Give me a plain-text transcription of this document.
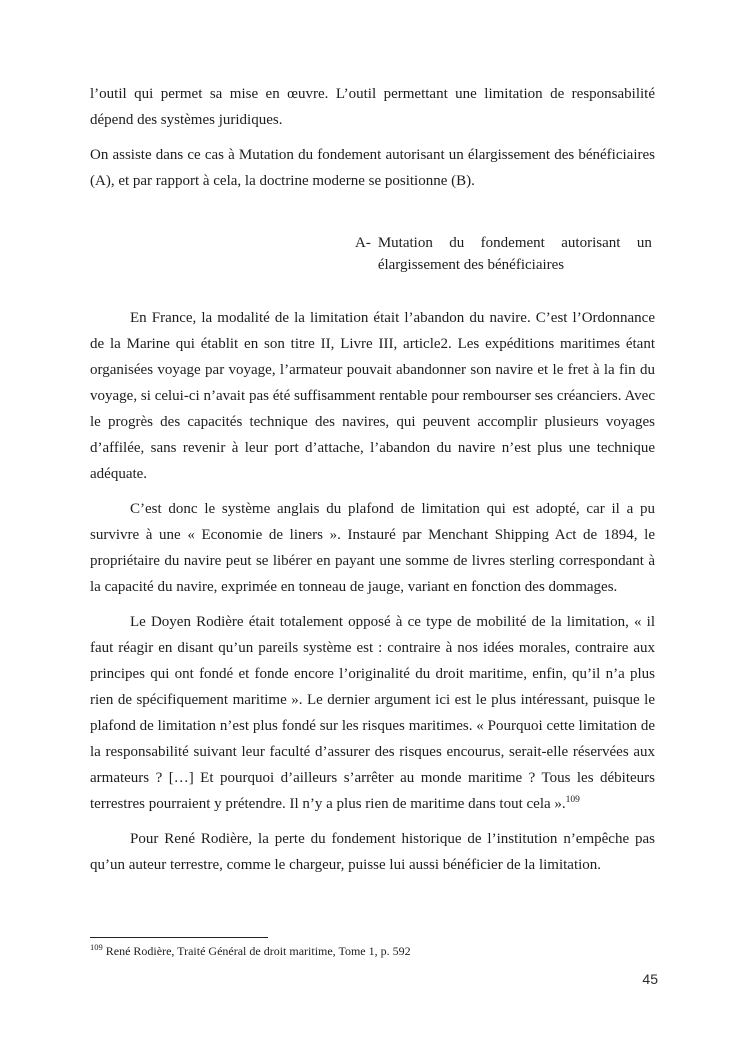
l’outil qui permet sa mise en œuvre. L’outil permettant une limitation de responsabilité dépend des systèmes juridiques.

On assiste dans ce cas à Mutation du fondement autorisant un élargissement des bénéficiaires (A), et par rapport à cela, la doctrine moderne se positionne (B).

A- Mutation du fondement autorisant un élargissement des bénéficiaires

En France, la modalité de la limitation était l’abandon du navire. C’est l’Ordonnance de la Marine qui établit en son titre II, Livre III, article2. Les expéditions maritimes étant organisées voyage par voyage, l’armateur pouvait abandonner son navire et le fret à la fin du voyage, si celui-ci n’avait pas été suffisamment rentable pour rembourser ses créanciers. Avec le progrès des capacités technique des navires, qui peuvent accomplir plusieurs voyages d’affilée, sans revenir à leur port d’attache, l’abandon du navire n’est plus une technique adéquate.

C’est donc le système anglais du plafond de limitation qui est adopté, car il a pu survivre à une « Economie de liners ». Instauré par Menchant Shipping Act de 1894, le propriétaire du navire peut se libérer en payant une somme de livres sterling correspondant à la capacité du navire, exprimée en tonneau de jauge, variant en fonction des dommages.

Le Doyen Rodière était totalement opposé à ce type de mobilité de la limitation, « il faut réagir en disant qu’un pareils système est : contraire à nos idées morales, contraire aux principes qui ont fondé et fonde encore l’originalité du droit maritime, enfin, qu’il n’a plus rien de spécifiquement maritime ». Le dernier argument ici est le plus intéressant, puisque le plafond de limitation n’est plus fondé sur les risques maritimes. « Pourquoi cette limitation de la responsabilité suivant leur faculté d’assurer des risques encourus, serait-elle réservées aux armateurs ? […] Et pourquoi d’ailleurs s’arrêter au monde maritime ? Tous les débiteurs terrestres pourraient y prétendre. Il n’y a plus rien de maritime dans tout cela ».$^{109}$

Pour René Rodière, la perte du fondement historique de l’institution n’empêche pas qu’un auteur terrestre, comme le chargeur, puisse lui aussi bénéficier de la limitation.

$^{109}$ René Rodière, Traité Général de droit maritime, Tome 1, p. 592
45
